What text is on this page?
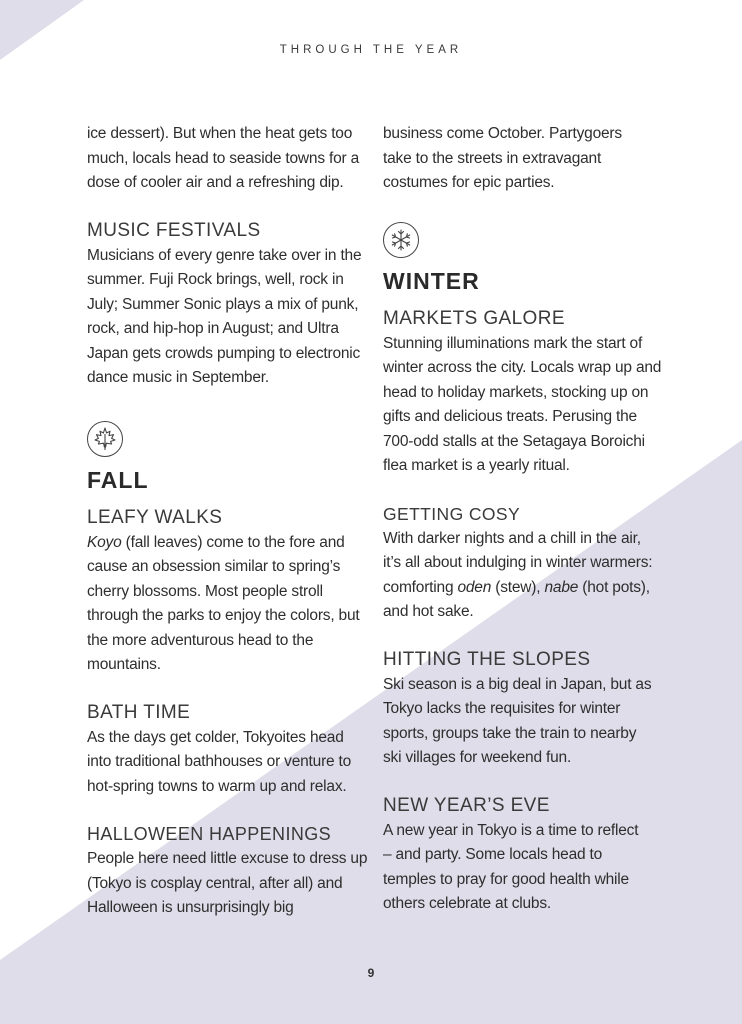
THROUGH THE YEAR

ice dessert). But when the heat gets too much, locals head to seaside towns for a dose of cooler air and a refreshing dip.

MUSIC FESTIVALS

Musicians of every genre take over in the summer. Fuji Rock brings, well, rock in July; Summer Sonic plays a mix of punk, rock, and hip-hop in August; and Ultra Japan gets crowds pumping to electronic dance music in September.

FALL
LEAFY WALKS

Koyo (fall leaves) come to the fore and cause an obsession similar to spring’s cherry blossoms. Most people stroll through the parks to enjoy the colors, but the more adventurous head to the mountains.

BATH TIME

As the days get colder, Tokyoites head into traditional bathhouses or venture to hot-spring towns to warm up and relax.

HALLOWEEN HAPPENINGS

People here need little excuse to dress up (Tokyo is cosplay central, after all) and Halloween is unsurprisingly big

business come October. Partygoers take to the streets in extravagant costumes for epic parties.

WINTER
MARKETS GALORE

Stunning illuminations mark the start of winter across the city. Locals wrap up and head to holiday markets, stocking up on gifts and delicious treats. Perusing the 700-odd stalls at the Setagaya Boroichi flea market is a yearly ritual.

GETTING COSY

With darker nights and a chill in the air, it’s all about indulging in winter warmers: comforting oden (stew), nabe (hot pots), and hot sake.

HITTING THE SLOPES

Ski season is a big deal in Japan, but as Tokyo lacks the requisites for winter sports, groups take the train to nearby ski villages for weekend fun.

NEW YEAR’S EVE

A new year in Tokyo is a time to reflect – and party. Some locals head to temples to pray for good health while others celebrate at clubs.

9
